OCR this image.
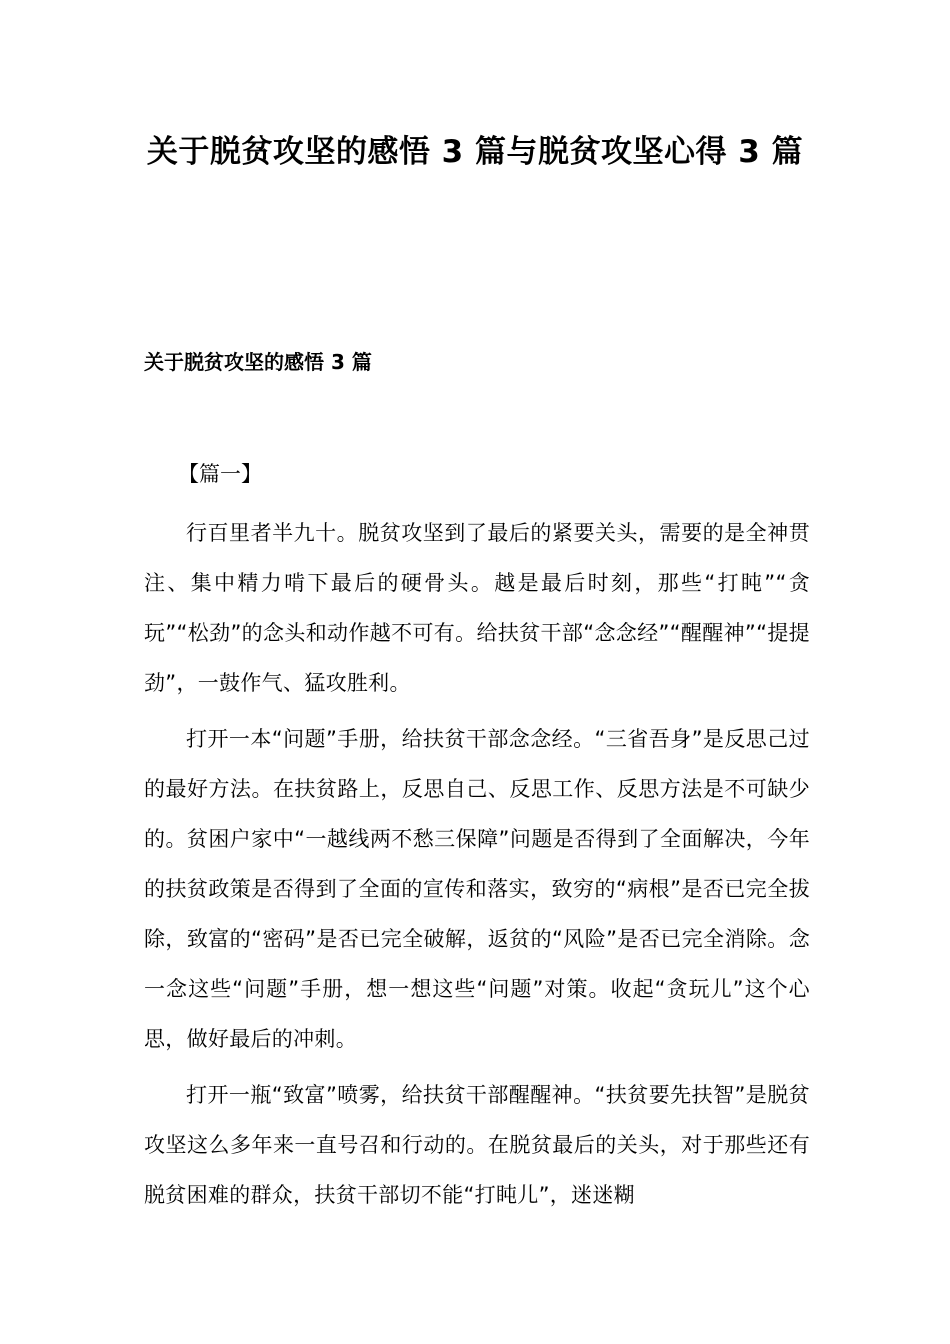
关于脱贫攻坚的感悟 3 篇与脱贫攻坚心得 3 篇
关于脱贫攻坚的感悟 3 篇

【篇一】

行百里者半九十。脱贫攻坚到了最后的紧要关头，需要的是全神贯注、集中精力啃下最后的硬骨头。越是最后时刻，那些“打盹”“贪玩”“松劲”的念头和动作越不可有。给扶贫干部“念念经”“醒醒神”“提提劲”，一鼓作气、猛攻胜利。

打开一本“问题”手册，给扶贫干部念念经。“三省吾身”是反思己过的最好方法。在扶贫路上，反思自己、反思工作、反思方法是不可缺少的。贫困户家中“一越线两不愁三保障”问题是否得到了全面解决，今年的扶贫政策是否得到了全面的宣传和落实，致穷的“病根”是否已完全拔除，致富的“密码”是否已完全破解，返贫的“风险”是否已完全消除。念一念这些“问题”手册，想一想这些“问题”对策。收起“贪玩儿”这个心思，做好最后的冲刺。

打开一瓶“致富”喷雾，给扶贫干部醒醒神。“扶贫要先扶智”是脱贫攻坚这么多年来一直号召和行动的。在脱贫最后的关头，对于那些还有脱贫困难的群众，扶贫干部切不能“打盹儿”，迷迷糊
